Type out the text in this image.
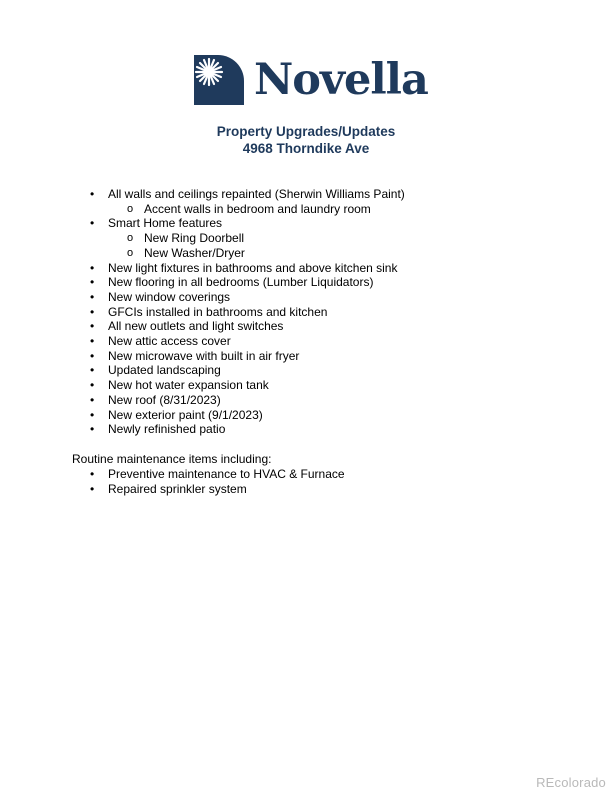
Novella
Property Upgrades/Updates
4968 Thorndike Ave
• All walls and ceilings repainted (Sherwin Williams Paint)
o Accent walls in bedroom and laundry room
• Smart Home features
o New Ring Doorbell
o New Washer/Dryer
• New light fixtures in bathrooms and above kitchen sink
• New flooring in all bedrooms (Lumber Liquidators)
• New window coverings
• GFCIs installed in bathrooms and kitchen
• All new outlets and light switches
• New attic access cover
• New microwave with built in air fryer
• Updated landscaping
• New hot water expansion tank
• New roof (8/31/2023)
• New exterior paint (9/1/2023)
• Newly refinished patio
Routine maintenance items including:
• Preventive maintenance to HVAC & Furnace
• Repaired sprinkler system
REcolorado
